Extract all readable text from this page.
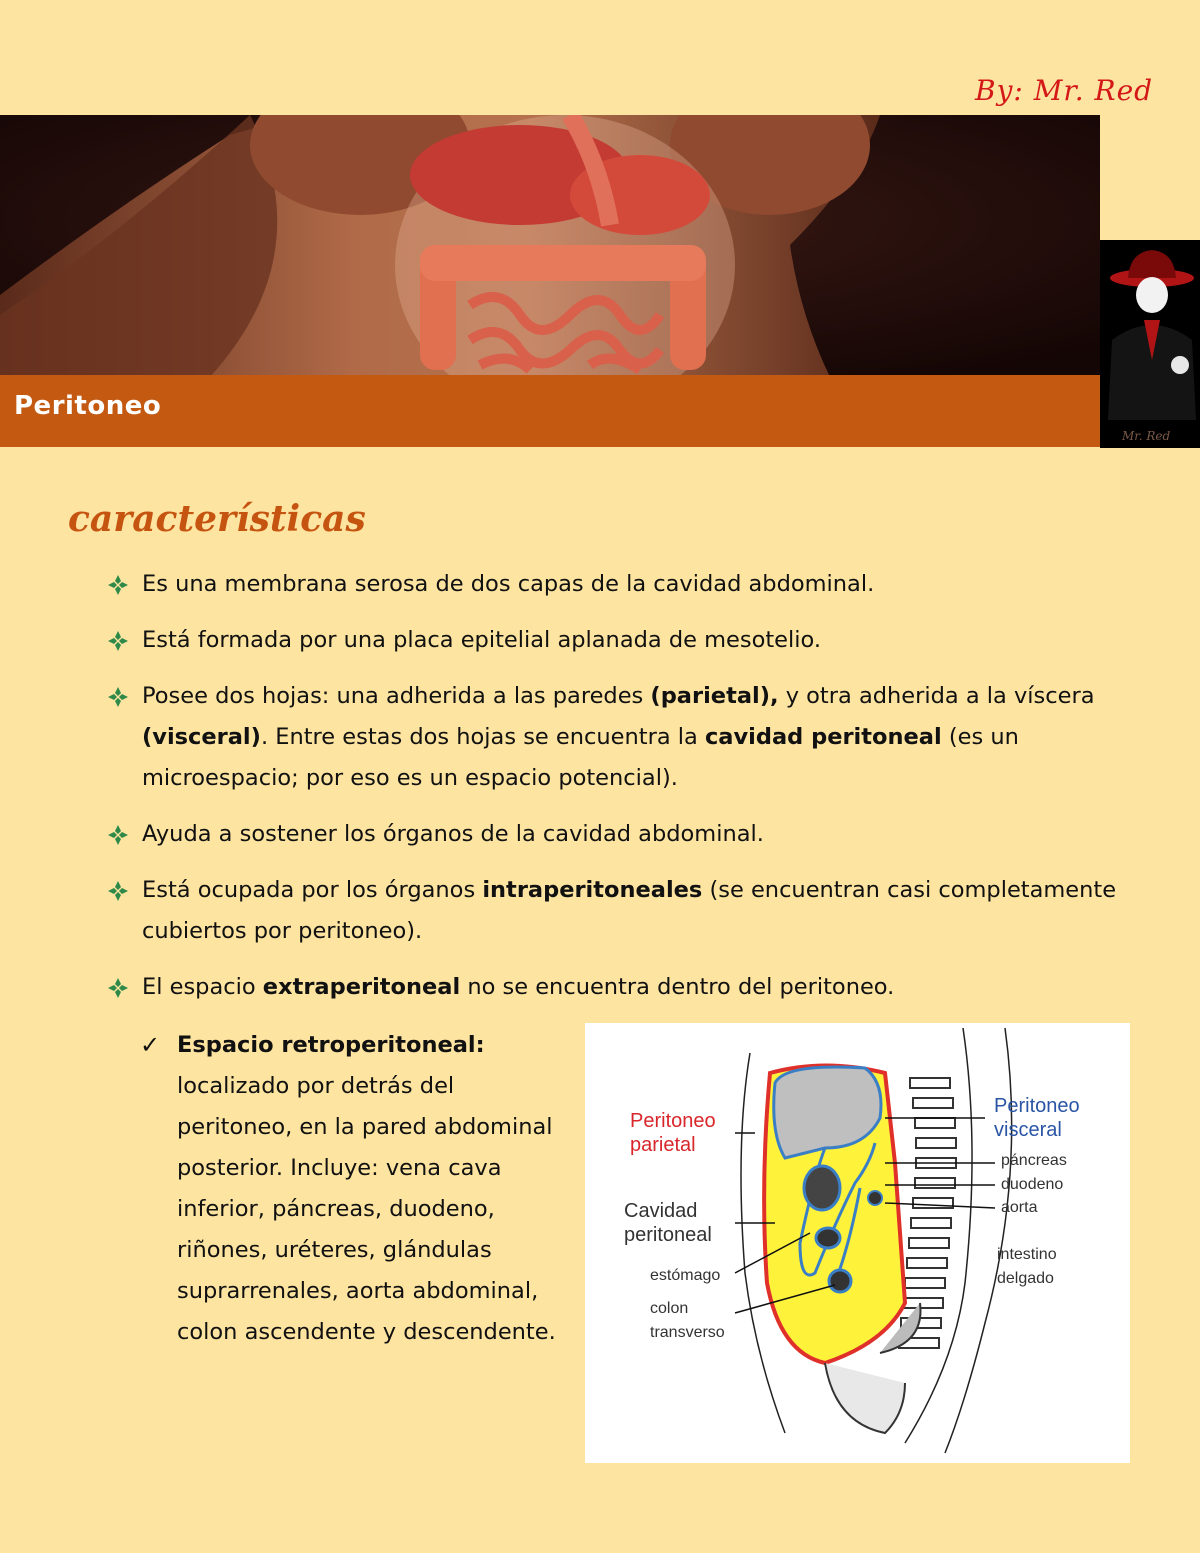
By: Mr. Red
Mr. Red
Peritoneo
características
Es una membrana serosa de dos capas de la cavidad abdominal.
Está formada por una placa epitelial aplanada de mesotelio.
Posee dos hojas: una adherida a las paredes (parietal), y otra adherida a la víscera (visceral). Entre estas dos hojas se encuentra la cavidad peritoneal (es un microespacio; por eso es un espacio potencial).
Ayuda a sostener los órganos de la cavidad abdominal.
Está ocupada por los órganos intraperitoneales (se encuentran casi completamente cubiertos por peritoneo).
El espacio extraperitoneal no se encuentra dentro del peritoneo.
✓ Espacio retroperitoneal: localizado por detrás del peritoneo, en la pared abdominal posterior. Incluye: vena cava inferior, páncreas, duodeno, riñones, uréteres, glándulas suprarrenales, aorta abdominal, colon ascendente y descendente.
Peritoneo
parietal
Peritoneo
visceral
Cavidad
peritoneal
estómago
colon
transverso
páncreas
duodeno
aorta
intestino
delgado
